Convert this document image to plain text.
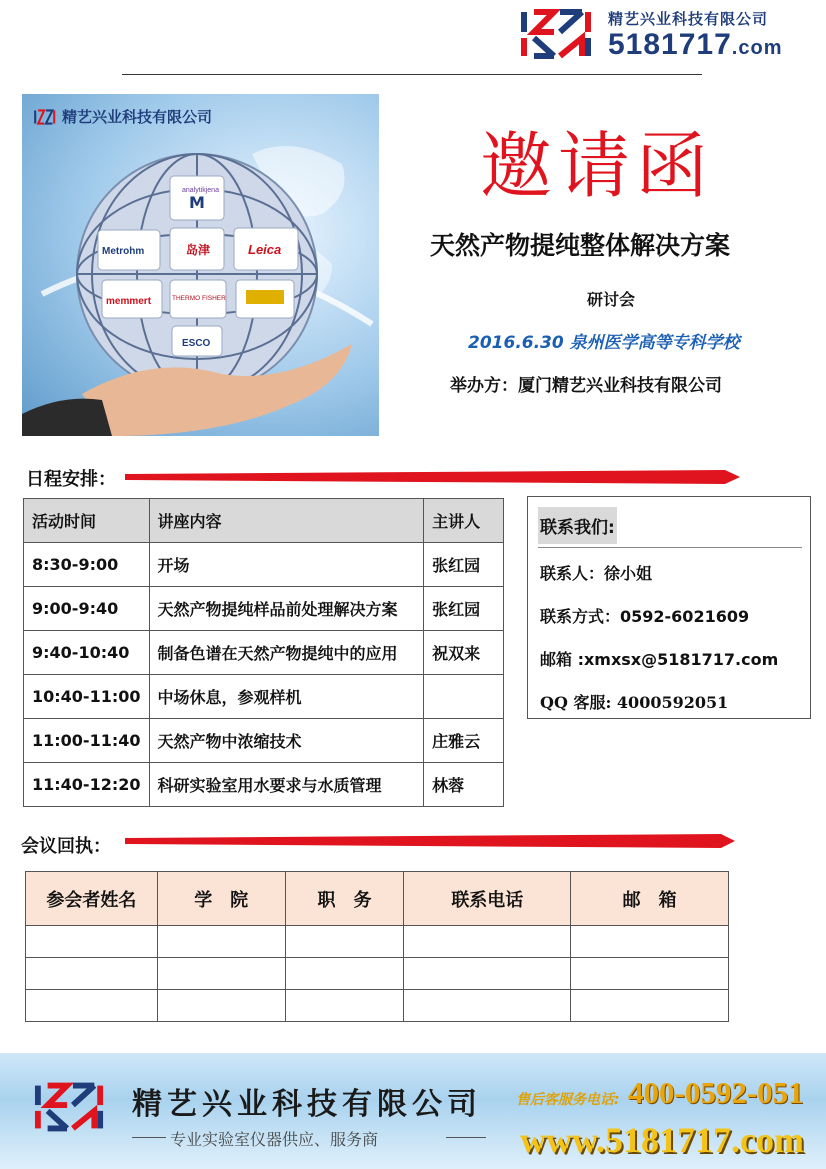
精艺兴业科技有限公司
5181717.com
analytikjena
M
Metrohm	岛津	Leica
memmert	THERMO FISHER
ESCO
精艺兴业科技有限公司
邀请函
天然产物提纯整体解决方案
研讨会
2016.6.30 泉州医学高等专科学校
举办方：厦门精艺兴业科技有限公司
日程安排：
活动时间	讲座内容	主讲人
8:30-9:00	开场	张红园
9:00-9:40	天然产物提纯样品前处理解决方案	张红园
9:40-10:40	制备色谱在天然产物提纯中的应用	祝双来
10:40-11:00	中场休息，参观样机	
11:00-11:40	天然产物中浓缩技术	庄雅云
11:40-12:20	科研实验室用水要求与水质管理	林蓉
联系我们:
联系人：徐小姐
联系方式：0592-6021609
邮箱 :xmxsx@5181717.com
QQ 客服: 4000592051
会议回执：
参会者姓名	学　院	职　务	联系电话	邮　箱

精艺兴业科技有限公司
专业实验室仪器供应、服务商
售后客服务电话: 400-0592-051
www.5181717.com
